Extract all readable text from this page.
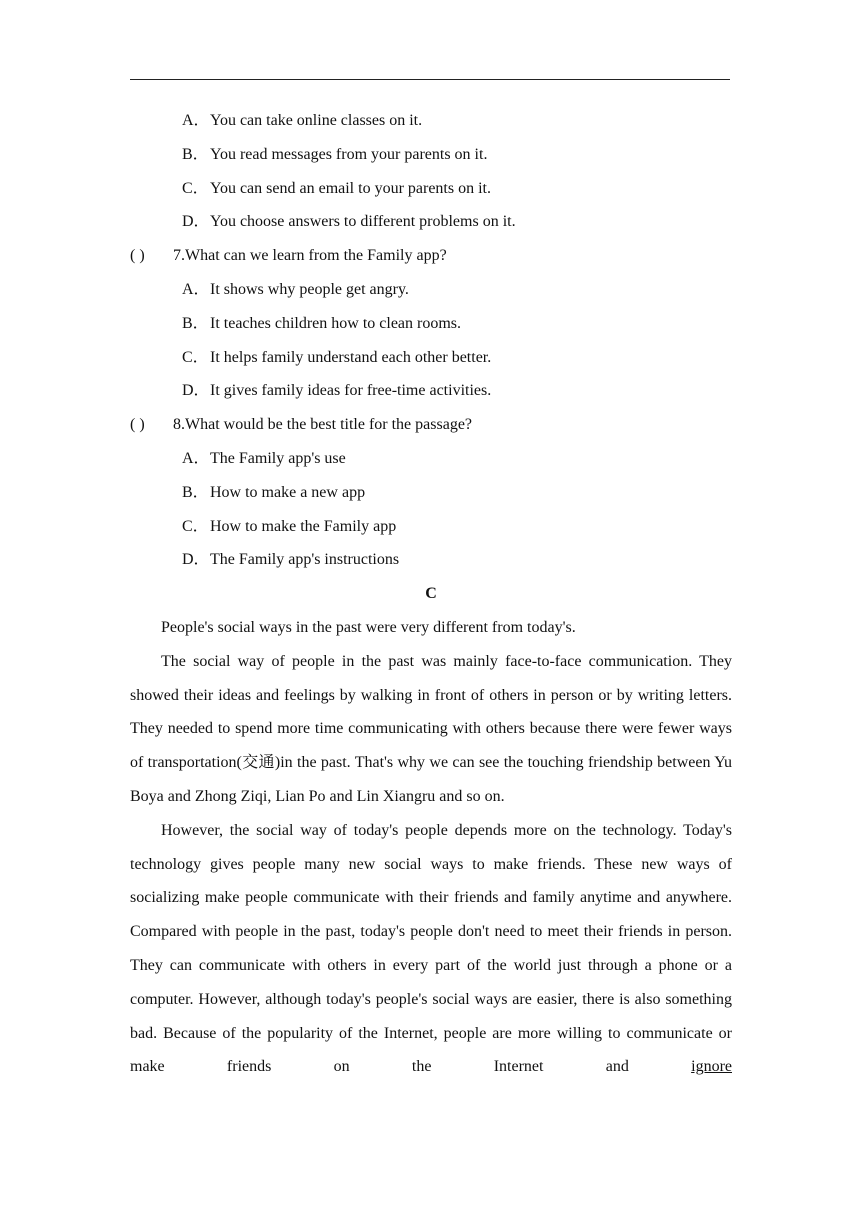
A．You can take online classes on it.
B．You read messages from your parents on it.
C．You can send an email to your parents on it.
D．You choose answers to different problems on it.
( ) 7.What can we learn from the Family app?
A．It shows why people get angry.
B．It teaches children how to clean rooms.
C．It helps family understand each other better.
D．It gives family ideas for free-time activities.
( ) 8.What would be the best title for the passage?
A．The Family app's use
B．How to make a new app
C．How to make the Family app
D．The Family app's instructions
C
People's social ways in the past were very different from today's.
The social way of people in the past was mainly face-to-face communication. They showed their ideas and feelings by walking in front of others in person or by writing letters. They needed to spend more time communicating with others because there were fewer ways of transportation(交通)in the past. That's why we can see the touching friendship between Yu Boya and Zhong Ziqi, Lian Po and Lin Xiangru and so on.
However, the social way of today's people depends more on the technology. Today's technology gives people many new social ways to make friends. These new ways of socializing make people communicate with their friends and family anytime and anywhere. Compared with people in the past, today's people don't need to meet their friends in person. They can communicate with others in every part of the world just through a phone or a computer. However, although today's people's social ways are easier, there is also something bad. Because of the popularity of the Internet, people are more willing to communicate or make friends on the Internet and	ignore
